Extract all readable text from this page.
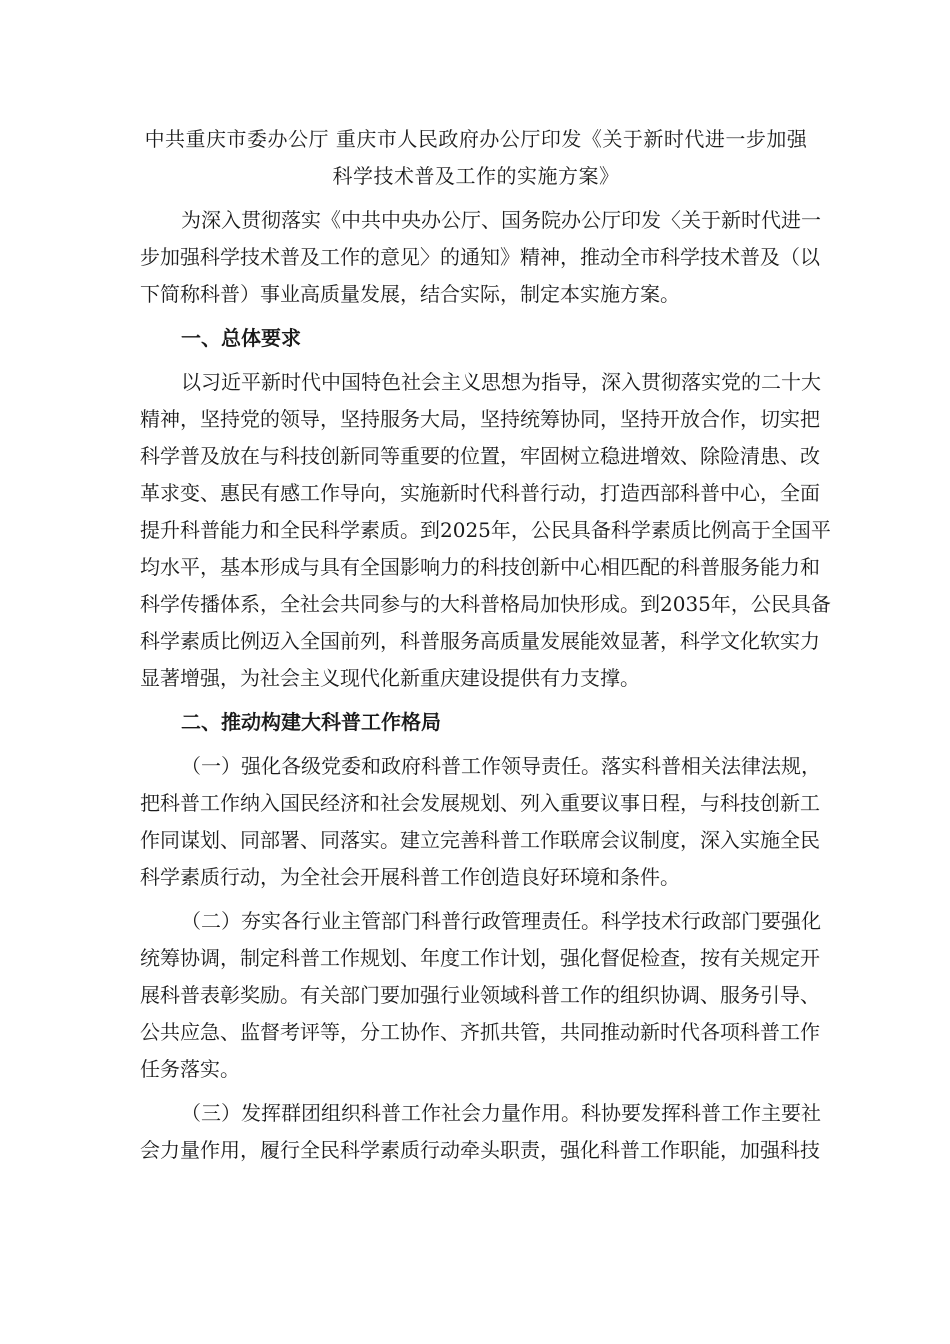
中共重庆市委办公厅 重庆市人民政府办公厅印发《关于新时代进一步加强
科学技术普及工作的实施方案》
为深入贯彻落实《中共中央办公厅、国务院办公厅印发〈关于新时代进一
步加强科学技术普及工作的意见〉的通知》精神，推动全市科学技术普及（以
下简称科普）事业高质量发展，结合实际，制定本实施方案。
一、总体要求
以习近平新时代中国特色社会主义思想为指导，深入贯彻落实党的二十大
精神，坚持党的领导，坚持服务大局，坚持统筹协同，坚持开放合作，切实把
科学普及放在与科技创新同等重要的位置，牢固树立稳进增效、除险清患、改
革求变、惠民有感工作导向，实施新时代科普行动，打造西部科普中心，全面
提升科普能力和全民科学素质。到2025年，公民具备科学素质比例高于全国平
均水平，基本形成与具有全国影响力的科技创新中心相匹配的科普服务能力和
科学传播体系，全社会共同参与的大科普格局加快形成。到2035年，公民具备
科学素质比例迈入全国前列，科普服务高质量发展能效显著，科学文化软实力
显著增强，为社会主义现代化新重庆建设提供有力支撑。
二、推动构建大科普工作格局
（一）强化各级党委和政府科普工作领导责任。落实科普相关法律法规，
把科普工作纳入国民经济和社会发展规划、列入重要议事日程，与科技创新工
作同谋划、同部署、同落实。建立完善科普工作联席会议制度，深入实施全民
科学素质行动，为全社会开展科普工作创造良好环境和条件。
（二）夯实各行业主管部门科普行政管理责任。科学技术行政部门要强化
统筹协调，制定科普工作规划、年度工作计划，强化督促检查，按有关规定开
展科普表彰奖励。有关部门要加强行业领域科普工作的组织协调、服务引导、
公共应急、监督考评等，分工协作、齐抓共管，共同推动新时代各项科普工作
任务落实。
（三）发挥群团组织科普工作社会力量作用。科协要发挥科普工作主要社
会力量作用，履行全民科学素质行动牵头职责，强化科普工作职能，加强科技
